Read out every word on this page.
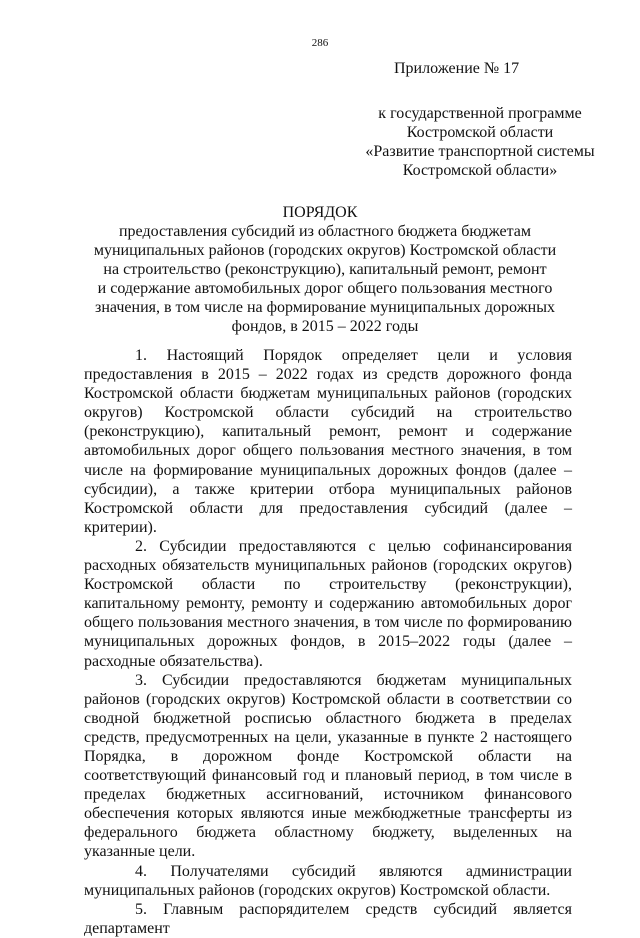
286
Приложение № 17
к государственной программе
Костромской области
«Развитие транспортной системы
Костромской области»
ПОРЯДОК
предоставления субсидий из областного бюджета бюджетам
муниципальных районов (городских округов) Костромской области
на строительство (реконструкцию), капитальный ремонт, ремонт
и содержание автомобильных дорог общего пользования местного
значения, в том числе на формирование муниципальных дорожных
фондов, в 2015 – 2022 годы

1. Настоящий Порядок определяет цели и условия предоставления в 2015 – 2022 годах из средств дорожного фонда Костромской области бюджетам муниципальных районов (городских округов) Костромской области субсидий на строительство (реконструкцию), капитальный ремонт, ремонт и содержание автомобильных дорог общего пользования местного значения, в том числе на формирование муниципальных дорожных фондов (далее – субсидии), а также критерии отбора муниципальных районов Костромской области для предоставления субсидий (далее – критерии).

2. Субсидии предоставляются с целью софинансирования расходных обязательств муниципальных районов (городских округов) Костромской области по строительству (реконструкции), капитальному ремонту, ремонту и содержанию автомобильных дорог общего пользования местного значения, в том числе по формированию муниципальных дорожных фондов, в 2015–2022 годы (далее – расходные обязательства).

3. Субсидии предоставляются бюджетам муниципальных районов (городских округов) Костромской области в соответствии со сводной бюджетной росписью областного бюджета в пределах средств, предусмотренных на цели, указанные в пункте 2 настоящего Порядка, в дорожном фонде Костромской области на соответствующий финансовый год и плановый период, в том числе в пределах бюджетных ассигнований, источником финансового обеспечения которых являются иные межбюджетные трансферты из федерального бюджета областному бюджету, выделенных на указанные цели.

4. Получателями субсидий являются администрации муниципальных районов (городских округов) Костромской области.

5. Главным распорядителем средств субсидий является департамент
